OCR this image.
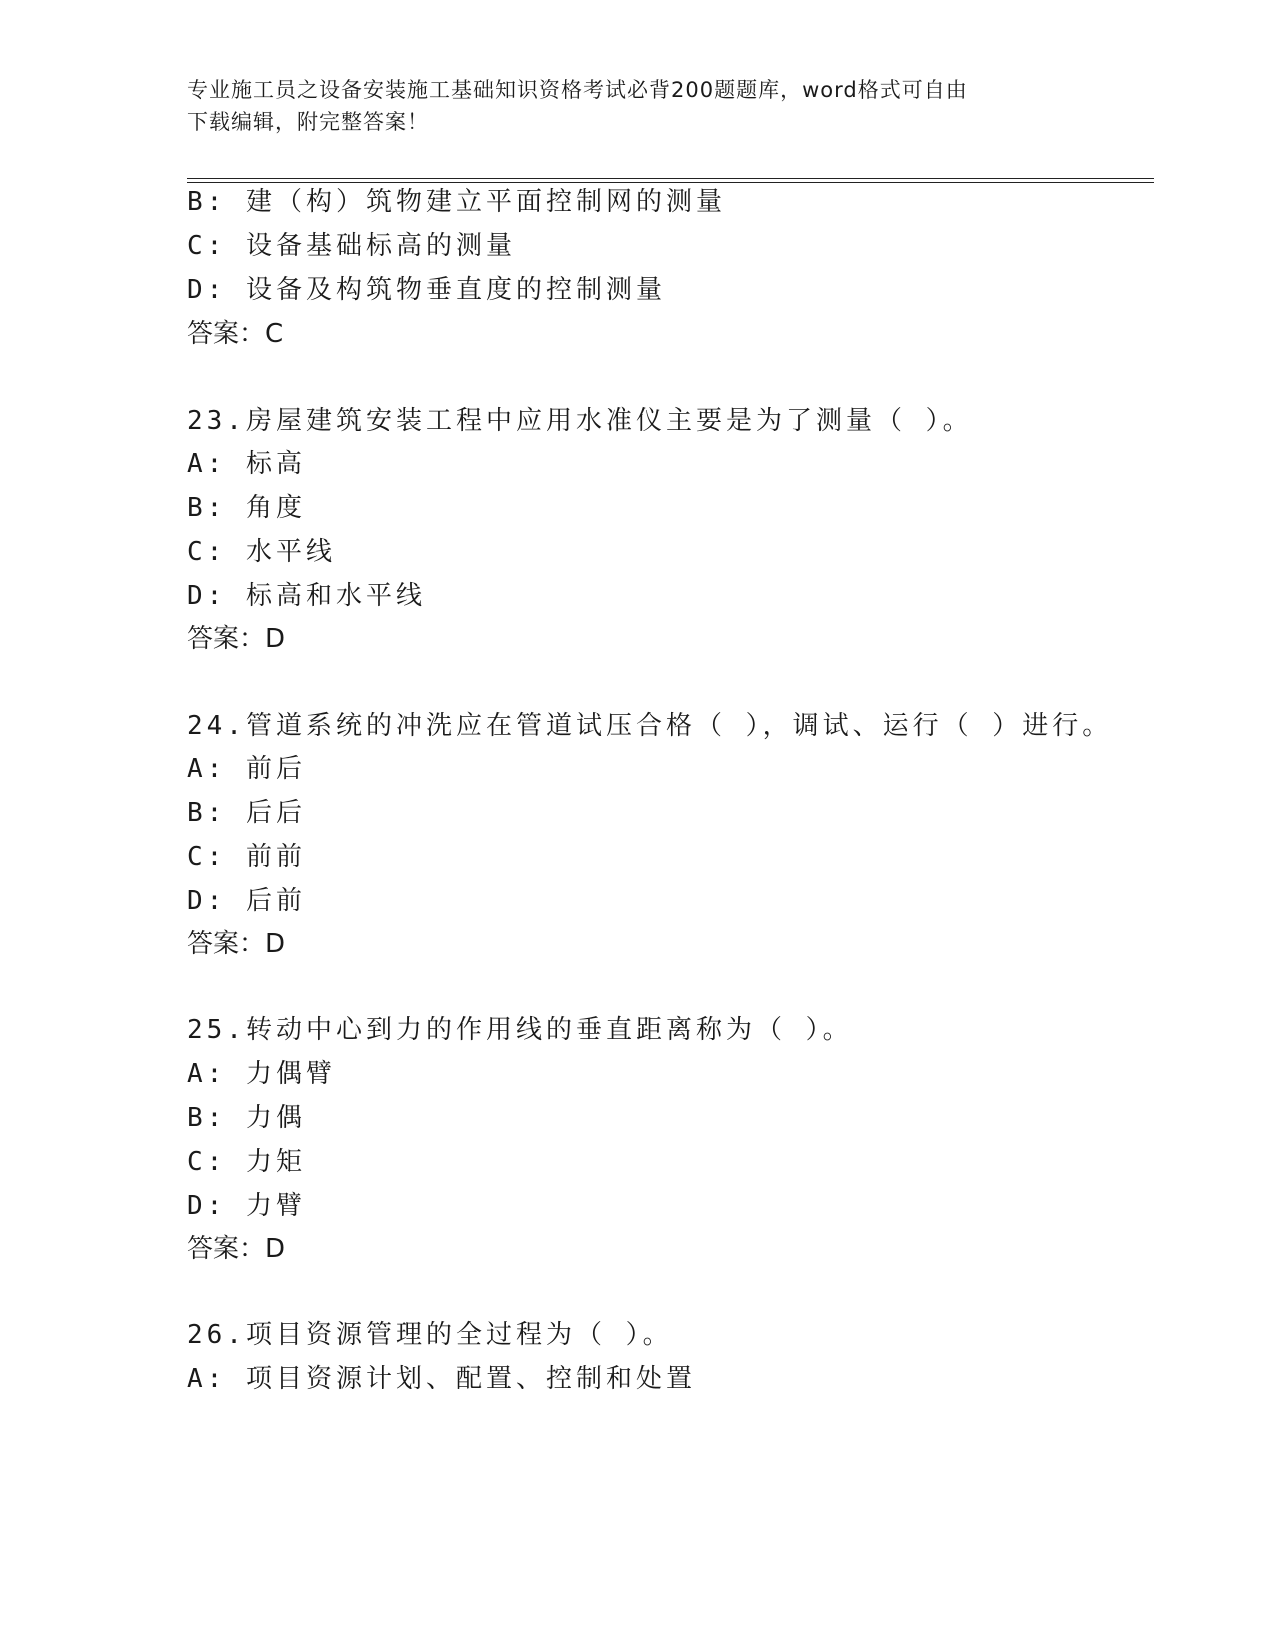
专业施工员之设备安装施工基础知识资格考试必背200题题库，word格式可自由
下载编辑，附完整答案！
B: 建（构）筑物建立平面控制网的测量
C: 设备基础标高的测量
D: 设备及构筑物垂直度的控制测量
答案：C
23.房屋建筑安装工程中应用水准仪主要是为了测量（ ）。
A: 标高
B: 角度
C: 水平线
D: 标高和水平线
答案：D
24.管道系统的冲洗应在管道试压合格（ ），调试、运行（ ）进行。
A: 前后
B: 后后
C: 前前
D: 后前
答案：D
25.转动中心到力的作用线的垂直距离称为（ ）。
A: 力偶臂
B: 力偶
C: 力矩
D: 力臂
答案：D
26.项目资源管理的全过程为（ ）。
A: 项目资源计划、配置、控制和处置
